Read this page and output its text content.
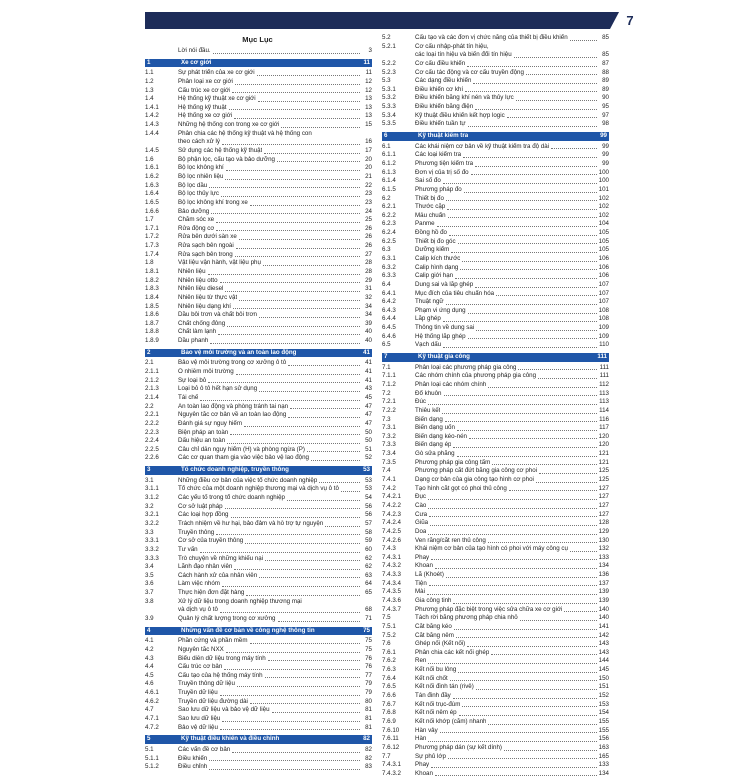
7
Mục Lục
Lời nói đầu.	3
1	Xe cơ giới	11
1.1	Sự phát triển của xe cơ giới	11
1.2	Phân loại xe cơ giới	12
1.3	Cấu trúc xe cơ giới	12
1.4	Hệ thống kỹ thuật xe cơ giới	13
1.4.1	Hệ thống kỹ thuật	13
1.4.2	Hệ thống xe cơ giới	13
1.4.3	Những hệ thống con trong xe cơ giới	15
1.4.4	Phân chia các hệ thống kỹ thuật và hệ thống con
theo cách xử lý	16
1.4.5	Sử dụng các hệ thống kỹ thuật	17
1.6	Bộ phận lọc, cấu tạo và bảo dưỡng	20
1.6.1	Bộ lọc không khí	20
1.6.2	Bộ lọc nhiên liệu	21
1.6.3	Bộ lọc dầu	22
1.6.4	Bộ lọc thủy lực	23
1.6.5	Bộ lọc không khí trong xe	23
1.6.6	Bảo dưỡng	24
1.7	Chăm sóc xe	25
1.7.1	Rửa động cơ	26
1.7.2	Rửa bên dưới sàn xe	26
1.7.3	Rửa sạch bên ngoài	26
1.7.4	Rửa sạch bên trong	27
1.8	Vật liệu vận hành, vật liệu phụ	28
1.8.1	Nhiên liệu	28
1.8.2	Nhiên liệu otto	29
1.8.3	Nhiên liệu diesel	31
1.8.4	Nhiên liệu từ thực vật	32
1.8.5	Nhiên liệu dạng khí	34
1.8.6	Dầu bôi trơn và chất bôi trơn	34
1.8.7	Chất chống đông	39
1.8.8	Chất làm lạnh	40
1.8.9	Dầu phanh	40
2	Bảo vệ môi trường và an toàn lao động	41
2.1	Bảo vệ môi trường trong cơ xưởng ô tô	41
2.1.1	Ô nhiễm môi trường	41
2.1.2	Sự loại bỏ	41
2.1.3	Loại bỏ ô tô hết hạn sử dụng	43
2.1.4	Tái chế	45
2.2	An toàn lao động và phòng tránh tai nạn	47
2.2.1	Nguyên tắc cơ bản về an toàn lao động	47
2.2.2	Đánh giá sự nguy hiểm	47
2.2.3	Biện pháp an toàn	50
2.2.4	Dấu hiệu an toàn	50
2.2.5	Câu chỉ dẫn nguy hiểm (H) và phòng ngừa (P)	51
2.2.6	Các cơ quan tham gia vào việc bảo vệ lao động	52
3	Tổ chức doanh nghiệp, truyền thông	53
3.1	Những điều cơ bản của việc tổ chức doanh nghiệp	53
3.1.1	Tổ chức của một doanh nghiệp thương mại và dịch vụ ô tô	53
3.1.2	Các yếu tố trong tổ chức doanh nghiệp	54
3.2	Cơ sở luật pháp	56
3.2.1	Các loại hợp đồng	56
3.2.2	Trách nhiệm về hư hại, bảo đảm và hỗ trợ tự nguyện	57
3.3	Truyền thông	58
3.3.1	Cơ sở của truyền thông	59
3.3.2	Tư vấn	60
3.3.3	Trò chuyện về những khiếu nại	62
3.4	Lãnh đạo nhân viên	62
3.5	Cách hành xử của nhân viên	63
3.6	Làm việc nhóm	64
3.7	Thực hiện đơn đặt hàng	65
3.8	Xử lý dữ liệu trong doanh nghiệp thương mại
và dịch vụ ô tô	68
3.9	Quản lý chất lượng trong cơ xưởng	71
4	Những vấn đề cơ bản về công nghệ thông tin	75
4.1	Phần cứng và phần mềm	75
4.2	Nguyên tắc NXX	75
4.3	Biểu diễn dữ liệu trong máy tính	76
4.4	Cấu trúc cơ bản	76
4.5	Cấu tạo của hệ thống máy tính	77
4.6	Truyền thông dữ liệu	79
4.6.1	Truyền dữ liệu	79
4.6.2	Truyền dữ liệu đường dài	80
4.7	Sao lưu dữ liệu và bảo vệ dữ liệu	81
4.7.1	Sao lưu dữ liệu	81
4.7.2	Bảo vệ dữ liệu	81
5	Kỹ thuật điều khiển và điều chỉnh	82
5.1	Các vấn đề cơ bản	82
5.1.1	Điều khiển	82
5.1.2	Điều chỉnh	83
5.2	Cấu tạo và các đơn vị chức năng của thiết bị điều khiển	85
5.2.1	Cơ cấu nhập-phát tín hiệu,
các loại tín hiệu và biến đổi tín hiệu	85
5.2.2	Cơ cấu điều khiển	87
5.2.3	Cơ cấu tác động và cơ cấu truyền động	88
5.3	Các dạng điều khiển	89
5.3.1	Điều khiển cơ khí	89
5.3.2	Điều khiển bằng khí nén và thủy lực	90
5.3.3	Điều khiển bằng điện	95
5.3.4	Kỹ thuật điều khiển kết hợp logic	97
5.3.5	Điều khiển tuần tự	98
6	Kỹ thuật kiểm tra	99
6.1	Các khái niệm cơ bản về kỹ thuật kiểm tra độ dài	99
6.1.1	Các loại kiểm tra	99
6.1.2	Phương tiện kiểm tra	99
6.1.3	Đơn vị của trị số đo	100
6.1.4	Sai số đo	100
6.1.5	Phương pháp đo	101
6.2	Thiết bị đo	102
6.2.1	Thước cặp	102
6.2.2	Mẫu chuẩn	102
6.2.3	Panme	104
6.2.4	Đồng hồ đo	105
6.2.5	Thiết bị đo góc	105
6.3	Dưỡng kiểm	105
6.3.1	Calip kích thước	106
6.3.2	Calip hình dạng	106
6.3.3	Calip giới hạn	106
6.4	Dung sai và lắp ghép	107
6.4.1	Mục đích của tiêu chuẩn hóa	107
6.4.2	Thuật ngữ	107
6.4.3	Phạm vi ứng dụng	108
6.4.4	Lắp ghép	108
6.4.5	Thông tin về dung sai	109
6.4.6	Hệ thống lắp ghép	109
6.5	Vạch dấu	110
7	Kỹ thuật gia công	111
7.1	Phân loại các phương pháp gia công	111
7.1.1	Các nhóm chính của phương pháp gia công	111
7.1.2	Phân loại các nhóm chính	112
7.2	Đổ khuôn	113
7.2.1	Đúc	113
7.2.2	Thiêu kết	114
7.3	Biến dạng	116
7.3.1	Biến dạng uốn	117
7.3.2	Biến dạng kéo-nén	120
7.3.3	Biến dạng ép	120
7.3.4	Gò sửa phẳng	121
7.3.5	Phương pháp gia công tấm	121
7.4	Phương pháp cắt đứt bằng gia công cơ phoi	125
7.4.1	Dạng cơ bản của gia công tạo hình cơ phoi	125
7.4.2	Tạo hình cắt gọt có phoi thủ công	127
7.4.2.1	Đục	127
7.4.2.2	Cào	127
7.4.2.3	Cưa	127
7.4.2.4	Giũa	128
7.4.2.5	Doa	129
7.4.2.6	Ven răng/cắt ren thủ công	130
7.4.3	Khái niệm cơ bản của tạo hình có phoi với máy công cụ	132
7.4.3.1	Phay	133
7.4.3.2	Khoan	134
7.4.3.3	Lã (Khoét)	136
7.4.3.4	Tiện	137
7.4.3.5	Mài	139
7.4.3.6	Gia công tinh	139
7.4.3.7	Phương pháp đặc biệt trong việc sửa chữa xe cơ giới	140
7.5	Tách rời bằng phương pháp chia nhỏ	140
7.5.1	Cắt bằng kéo	141
7.5.2	Cắt bằng nêm	142
7.6	Ghép nối (Kết nối)	143
7.6.1	Phân chia các kết nối ghép	143
7.6.2	Ren	144
7.6.3	Kết nối bu lông	145
7.6.4	Kết nối chốt	150
7.6.5	Kết nối đinh tán (rivê)	151
7.6.6	Tán đinh đầy	152
7.6.7	Kết nối trục-đùm	153
7.6.8	Kết nối nêm ép	154
7.6.9	Kết nối khớp (cắm) nhanh	155
7.6.10	Hàn vảy	155
7.6.11	Hàn	156
7.6.12	Phương pháp dán (sự kết dính)	163
7.7	Sự phủ lớp	165
7.4.3.1	Phay	133
7.4.3.2	Khoan	134
